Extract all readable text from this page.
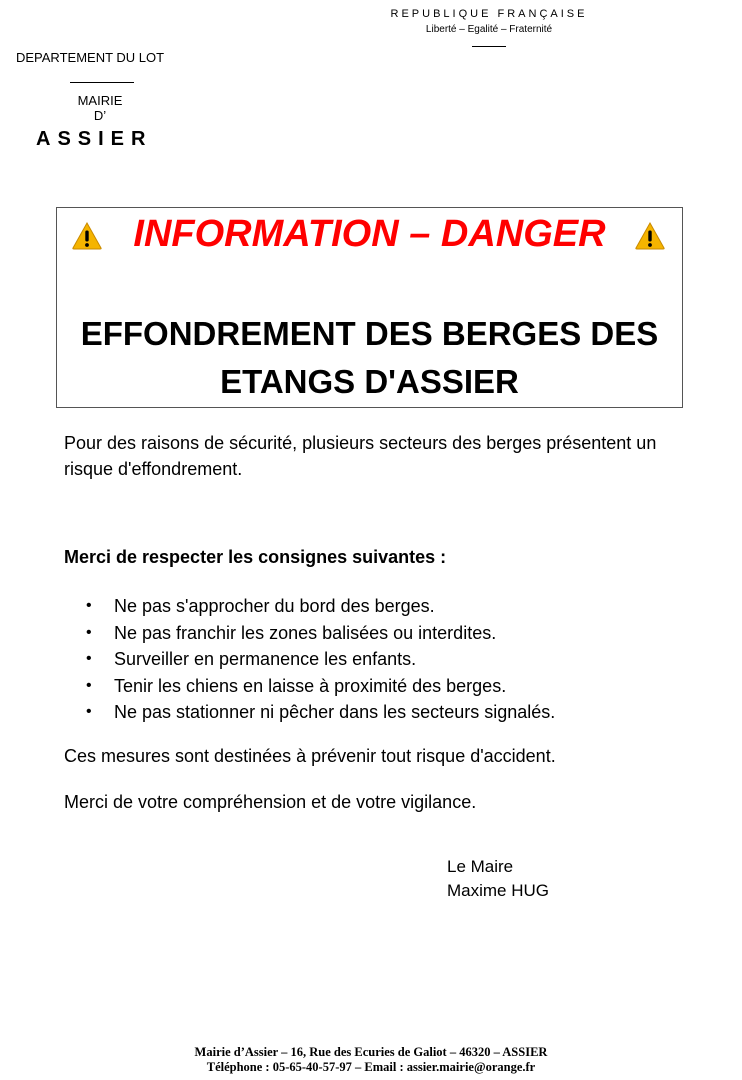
REPUBLIQUE FRANÇAISE
Liberté – Egalité – Fraternité
DEPARTEMENT DU LOT
MAIRIE
D’
ASSIER
INFORMATION – DANGER
EFFONDREMENT DES BERGES DES
ETANGS D'ASSIER
Pour des raisons de sécurité, plusieurs secteurs des berges présentent un risque d'effondrement.
Merci de respecter les consignes suivantes :
• Ne pas s'approcher du bord des berges.
• Ne pas franchir les zones balisées ou interdites.
• Surveiller en permanence les enfants.
• Tenir les chiens en laisse à proximité des berges.
• Ne pas stationner ni pêcher dans les secteurs signalés.
Ces mesures sont destinées à prévenir tout risque d'accident.
Merci de votre compréhension et de votre vigilance.
Le Maire
Maxime HUG
Mairie d’Assier – 16, Rue des Ecuries de Galiot – 46320 – ASSIER
Téléphone : 05-65-40-57-97 – Email : assier.mairie@orange.fr
